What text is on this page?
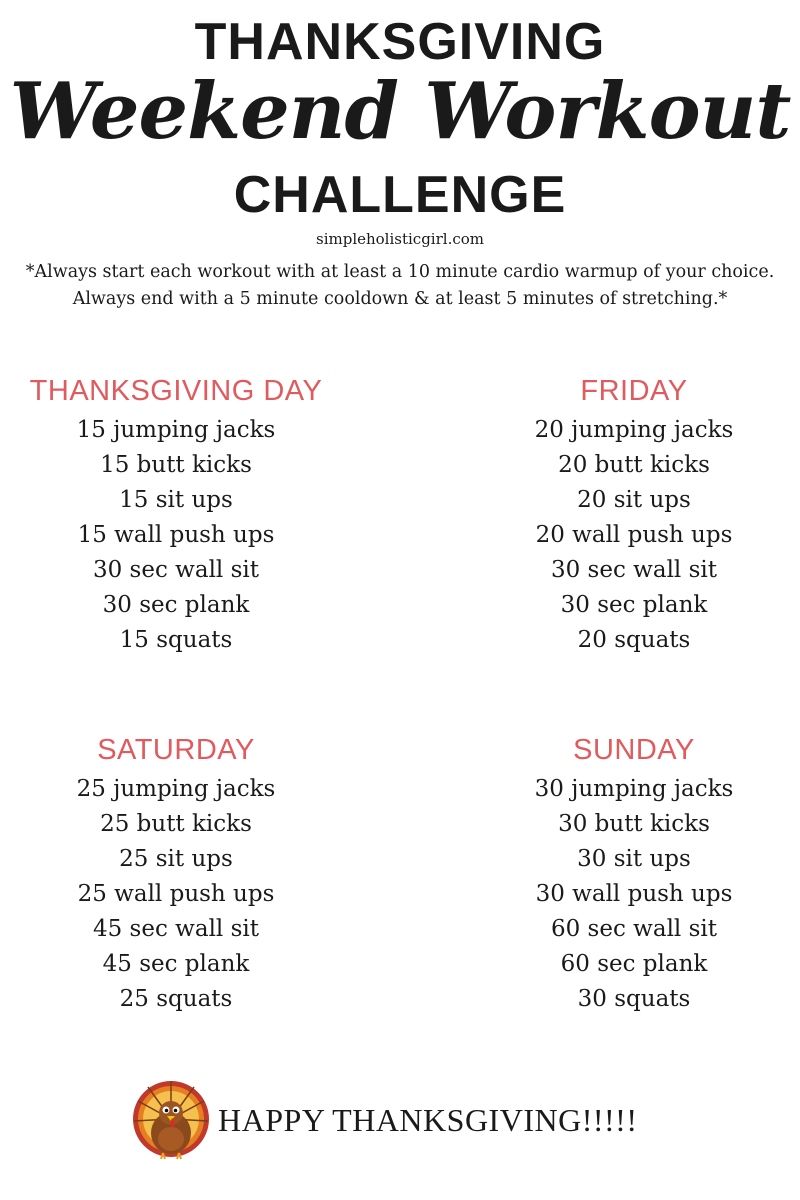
THANKSGIVING
Weekend Workout
CHALLENGE
simpleholisticgirl.com
*Always start each workout with at least a 10 minute cardio warmup of your choice.
Always end with a 5 minute cooldown & at least 5 minutes of stretching.*
THANKSGIVING DAY
15 jumping jacks
15 butt kicks
15 sit ups
15 wall push ups
30 sec wall sit
30 sec plank
15 squats
FRIDAY
20 jumping jacks
20 butt kicks
20 sit ups
20 wall push ups
30 sec wall sit
30 sec plank
20 squats
SATURDAY
25 jumping jacks
25 butt kicks
25 sit ups
25 wall push ups
45 sec wall sit
45 sec plank
25 squats
SUNDAY
30 jumping jacks
30 butt kicks
30 sit ups
30 wall push ups
60 sec wall sit
60 sec plank
30 squats
HAPPY THANKSGIVING!!!!!
